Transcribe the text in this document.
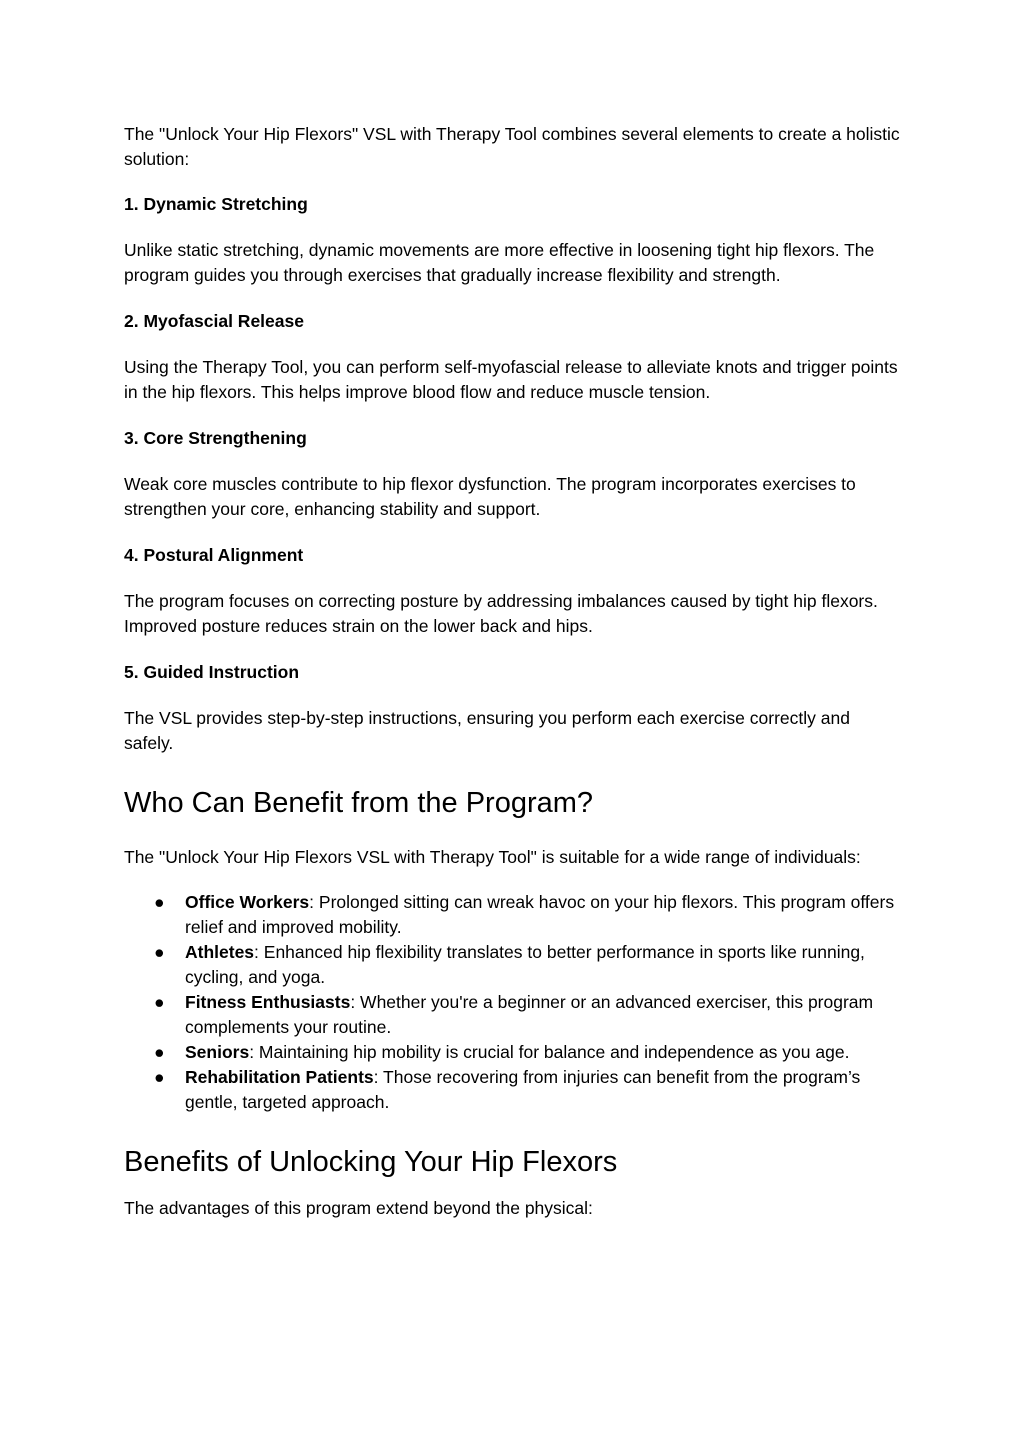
The "Unlock Your Hip Flexors" VSL with Therapy Tool combines several elements to create a holistic solution:

1. Dynamic Stretching

Unlike static stretching, dynamic movements are more effective in loosening tight hip flexors. The program guides you through exercises that gradually increase flexibility and strength.

2. Myofascial Release

Using the Therapy Tool, you can perform self-myofascial release to alleviate knots and trigger points in the hip flexors. This helps improve blood flow and reduce muscle tension.

3. Core Strengthening

Weak core muscles contribute to hip flexor dysfunction. The program incorporates exercises to strengthen your core, enhancing stability and support.

4. Postural Alignment

The program focuses on correcting posture by addressing imbalances caused by tight hip flexors. Improved posture reduces strain on the lower back and hips.

5. Guided Instruction

The VSL provides step-by-step instructions, ensuring you perform each exercise correctly and safely.

Who Can Benefit from the Program?

The "Unlock Your Hip Flexors VSL with Therapy Tool" is suitable for a wide range of individuals:

● Office Workers: Prolonged sitting can wreak havoc on your hip flexors. This program offers relief and improved mobility.
● Athletes: Enhanced hip flexibility translates to better performance in sports like running, cycling, and yoga.
● Fitness Enthusiasts: Whether you're a beginner or an advanced exerciser, this program complements your routine.
● Seniors: Maintaining hip mobility is crucial for balance and independence as you age.
● Rehabilitation Patients: Those recovering from injuries can benefit from the program’s gentle, targeted approach.
Benefits of Unlocking Your Hip Flexors

The advantages of this program extend beyond the physical:
